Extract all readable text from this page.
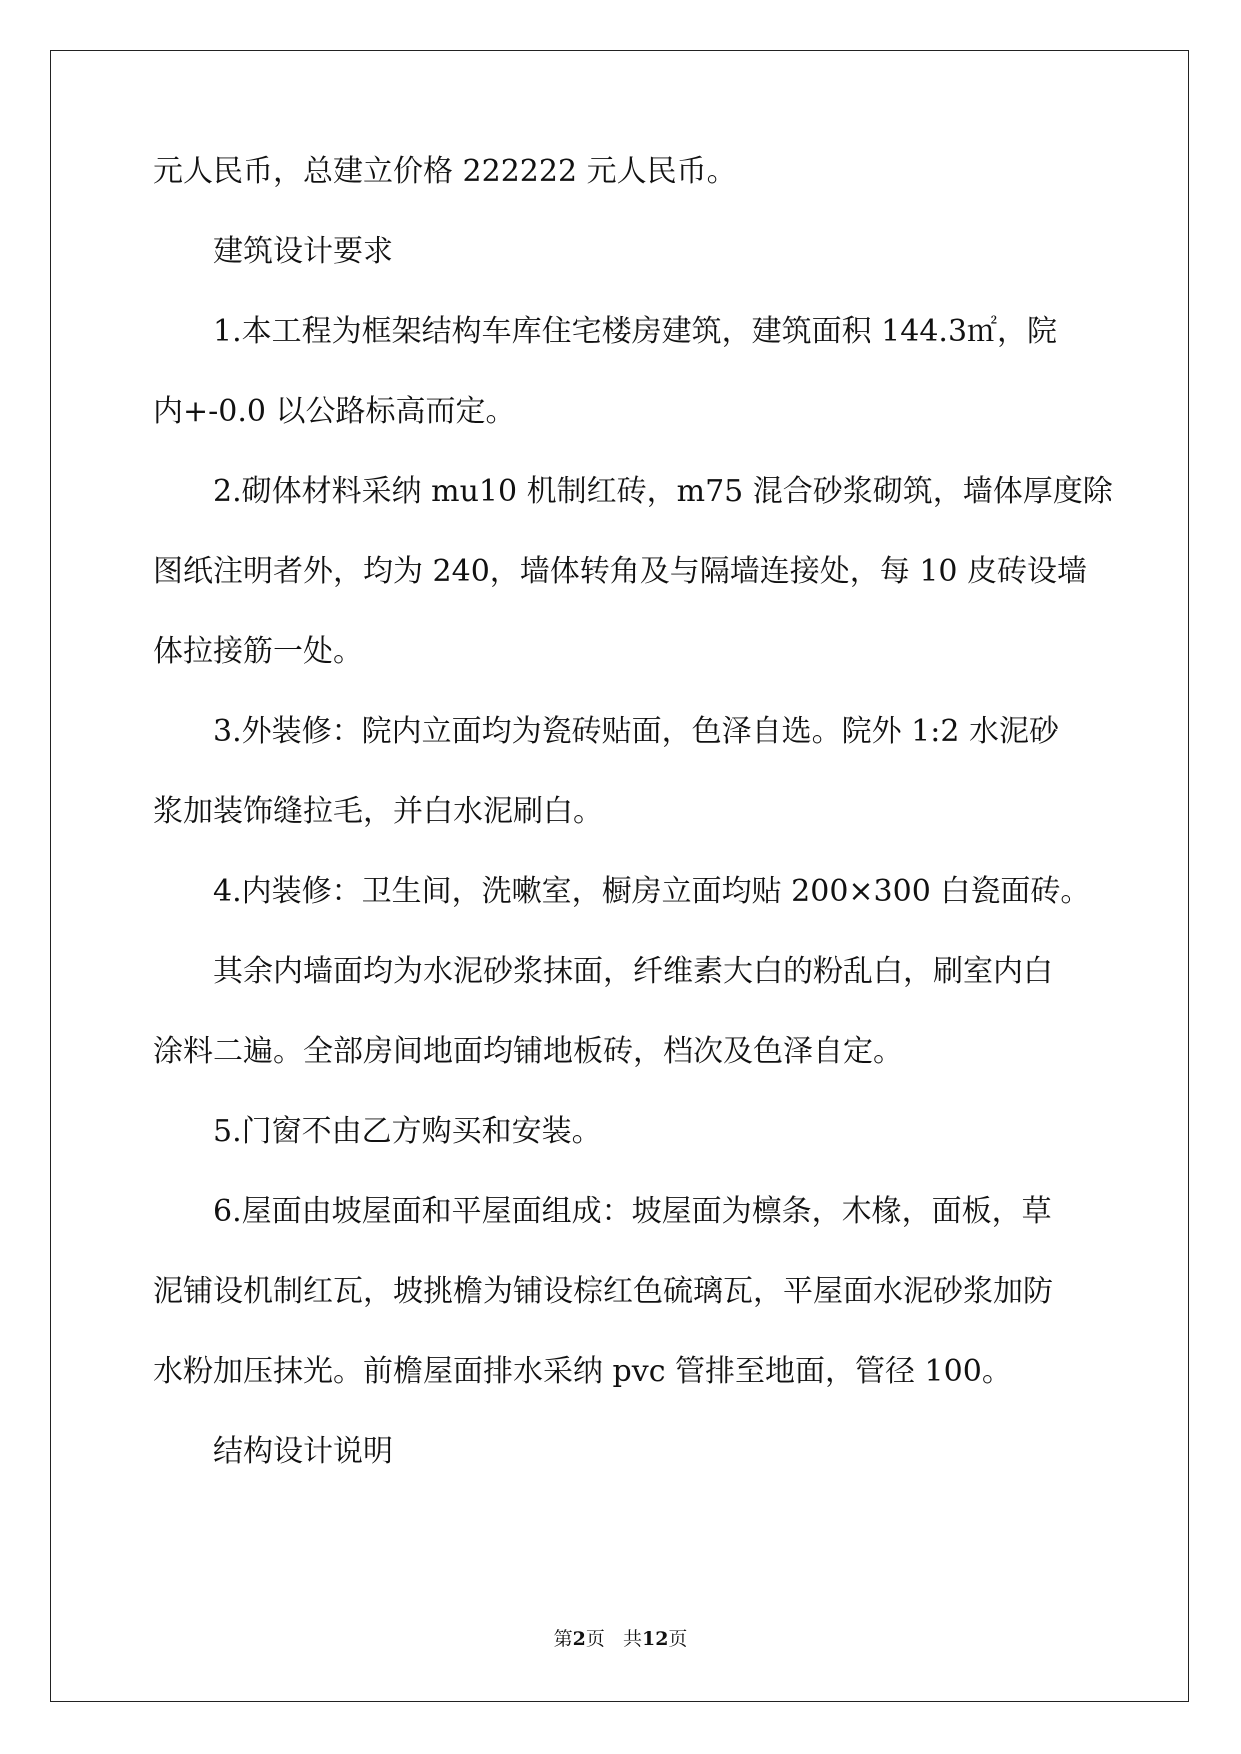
元人民币，总建立价格 222222 元人民币。
建筑设计要求
1.本工程为框架结构车库住宅楼房建筑，建筑面积 144.3㎡，院
内+-0.0 以公路标高而定。
2.砌体材料采纳 mu10 机制红砖，m75 混合砂浆砌筑，墙体厚度除
图纸注明者外，均为 240，墙体转角及与隔墙连接处，每 10 皮砖设墙
体拉接筋一处。
3.外装修：院内立面均为瓷砖贴面，色泽自选。院外 1:2 水泥砂
浆加装饰缝拉毛，并白水泥刷白。
4.内装修：卫生间，洗嗽室，橱房立面均贴 200×300 白瓷面砖。
其余内墙面均为水泥砂浆抹面，纤维素大白的粉乱白，刷室内白
涂料二遍。全部房间地面均铺地板砖，档次及色泽自定。
5.门窗不由乙方购买和安装。
6.屋面由坡屋面和平屋面组成：坡屋面为檩条，木椽，面板，草
泥铺设机制红瓦，坡挑檐为铺设棕红色硫璃瓦，平屋面水泥砂浆加防
水粉加压抹光。前檐屋面排水采纳 pvc 管排至地面，管径 100。
结构设计说明
第2页 共12页
